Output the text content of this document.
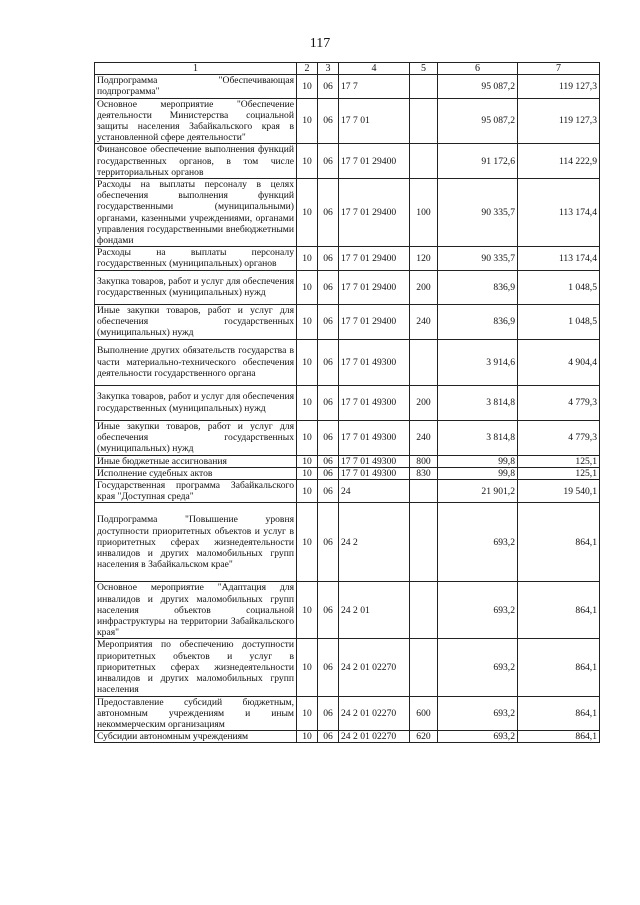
117
1	2	3	4	5	6	7
Подпрограмма "Обеспечивающая подпрограмма"	10	06	17 7		95 087,2	119 127,3
Основное мероприятие "Обеспечение деятельности Министерства социальной защиты населения Забайкальского края в установленной сфере деятельности"	10	06	17 7 01		95 087,2	119 127,3
Финансовое обеспечение выполнения функций государственных органов, в том числе территориальных органов	10	06	17 7 01 29400		91 172,6	114 222,9
Расходы на выплаты персоналу в целях обеспечения выполнения функций государственными (муниципальными) органами, казенными учреждениями, органами управления государственными внебюджетными фондами	10	06	17 7 01 29400	100	90 335,7	113 174,4
Расходы на выплаты персоналу государственных (муниципальных) органов	10	06	17 7 01 29400	120	90 335,7	113 174,4
Закупка товаров, работ и услуг для обеспечения государственных (муниципальных) нужд	10	06	17 7 01 29400	200	836,9	1 048,5
Иные закупки товаров, работ и услуг для обеспечения государственных (муниципальных) нужд	10	06	17 7 01 29400	240	836,9	1 048,5
Выполнение других обязательств государства в части материально-технического обеспечения деятельности государственного органа	10	06	17 7 01 49300		3 914,6	4 904,4
Закупка товаров, работ и услуг для обеспечения государственных (муниципальных) нужд	10	06	17 7 01 49300	200	3 814,8	4 779,3
Иные закупки товаров, работ и услуг для обеспечения государственных (муниципальных) нужд	10	06	17 7 01 49300	240	3 814,8	4 779,3
Иные бюджетные ассигнования	10	06	17 7 01 49300	800	99,8	125,1
Исполнение судебных актов	10	06	17 7 01 49300	830	99,8	125,1
Государственная программа Забайкальского края "Доступная среда"	10	06	24		21 901,2	19 540,1
Подпрограмма "Повышение уровня доступности приоритетных объектов и услуг в приоритетных сферах жизнедеятельности инвалидов и других маломобильных групп населения в Забайкальском крае"	10	06	24 2		693,2	864,1
Основное мероприятие "Адаптация для инвалидов и других маломобильных групп населения объектов социальной инфраструктуры на территории Забайкальского края"	10	06	24 2 01		693,2	864,1
Мероприятия по обеспечению доступности приоритетных объектов и услуг в приоритетных сферах жизнедеятельности инвалидов и других маломобильных групп населения	10	06	24 2 01 02270		693,2	864,1
Предоставление субсидий бюджетным, автономным учреждениям и иным некоммерческим организациям	10	06	24 2 01 02270	600	693,2	864,1
Субсидии автономным учреждениям	10	06	24 2 01 02270	620	693,2	864,1
